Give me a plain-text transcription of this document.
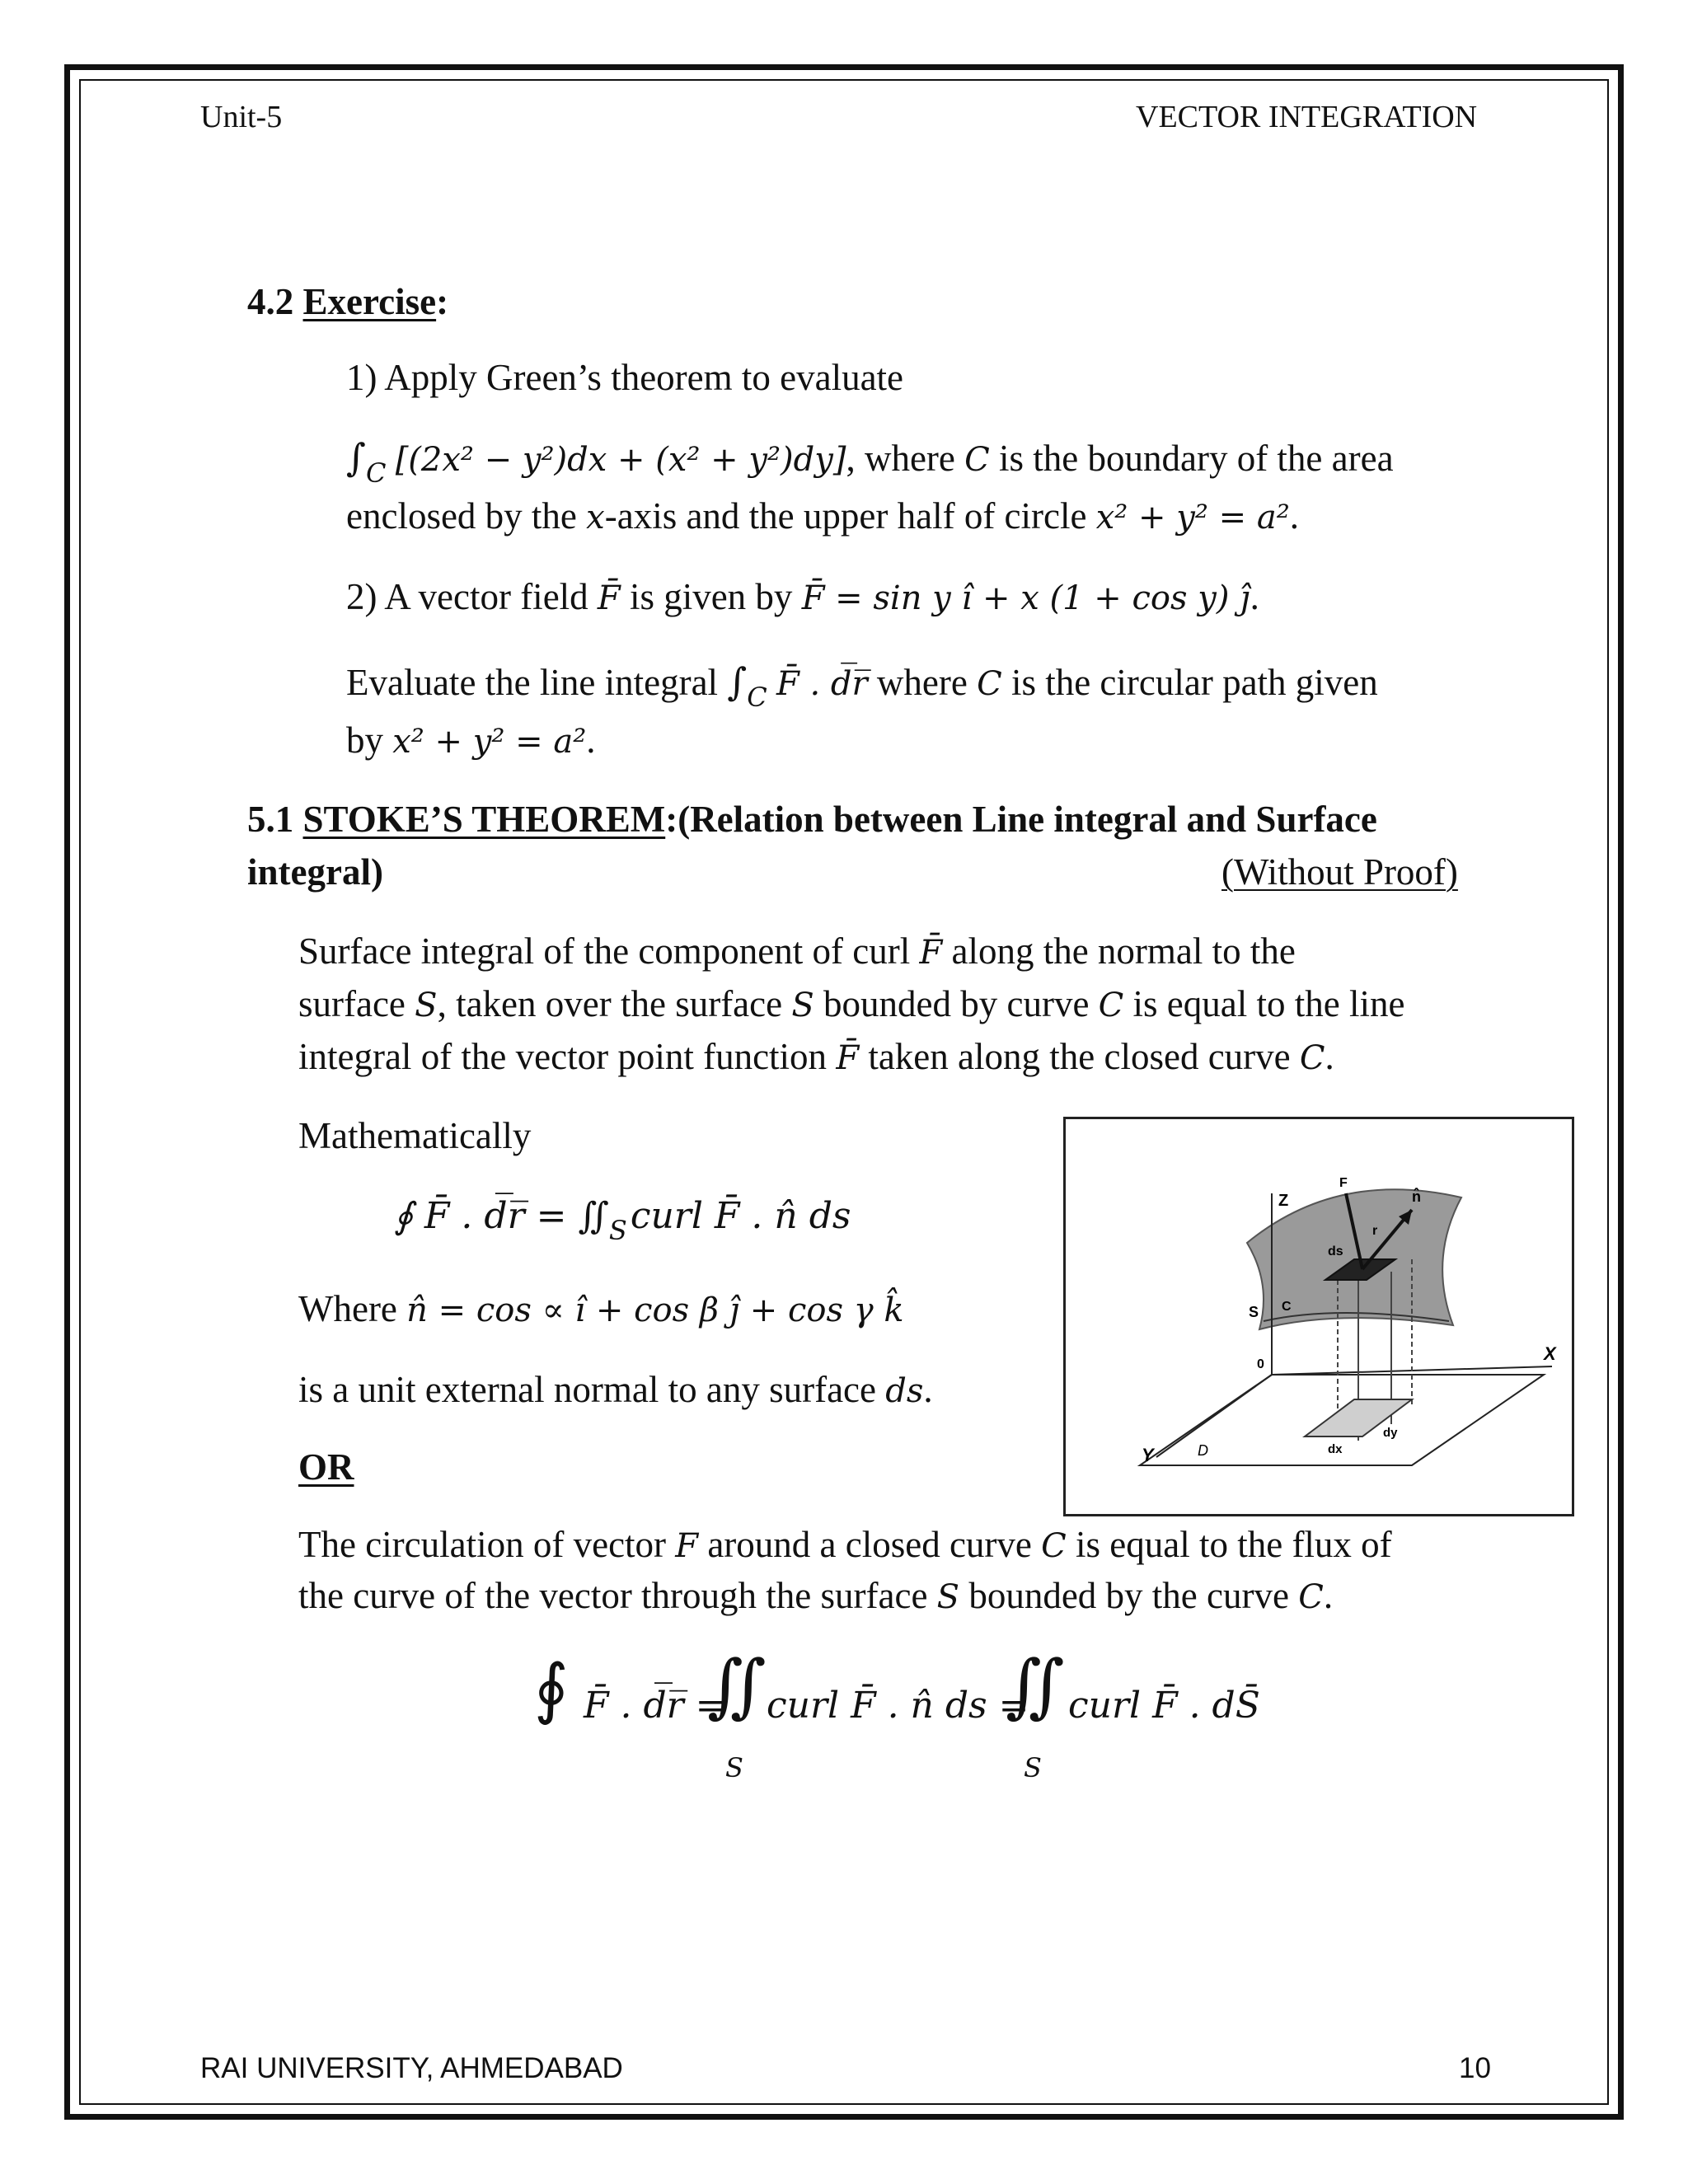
Unit-5	VECTOR INTEGRATION
4.2 Exercise:
1) Apply Green’s theorem to evaluate
$\int_C$ [(2x² − y²)dx + (x² + y²)dy], where C is the boundary of the area
enclosed by the x-axis and the upper half of circle x² + y² = a².
2) A vector field F̄ is given by F̄ = sin y î + x (1 + cos y) ĵ.
Evaluate the line integral $\int_C$ F̄ . d̅r̅ where C is the circular path given
by x² + y² = a².
5.1 STOKE’S THEOREM:(Relation between Line integral and Surface
integral)	(Without Proof)
Surface integral of the component of curl F̄ along the normal to the
surface S, taken over the surface S bounded by curve C is equal to the line
integral of the vector point function F̄ taken along the closed curve C.
Mathematically
∮ F̄ . d̅r̅ = ∬S curl F̄ . n̂ ds
Where n̂ = cos ∝ î + cos β ĵ + cos γ k̂
is a unit external normal to any surface ds.
OR
The circulation of vector F around a closed curve C is equal to the flux of
the curve of the vector through the surface S bounded by the curve C.
∮ F̄ . d̅r̅ =
∬
S
curl F̄ . n̂ ds =
∬
S
curl F̄ . dS̄
Z
X
Y
F
n̂
r
ds
S C
0
D	dx
dy
RAI UNIVERSITY, AHMEDABAD	10
